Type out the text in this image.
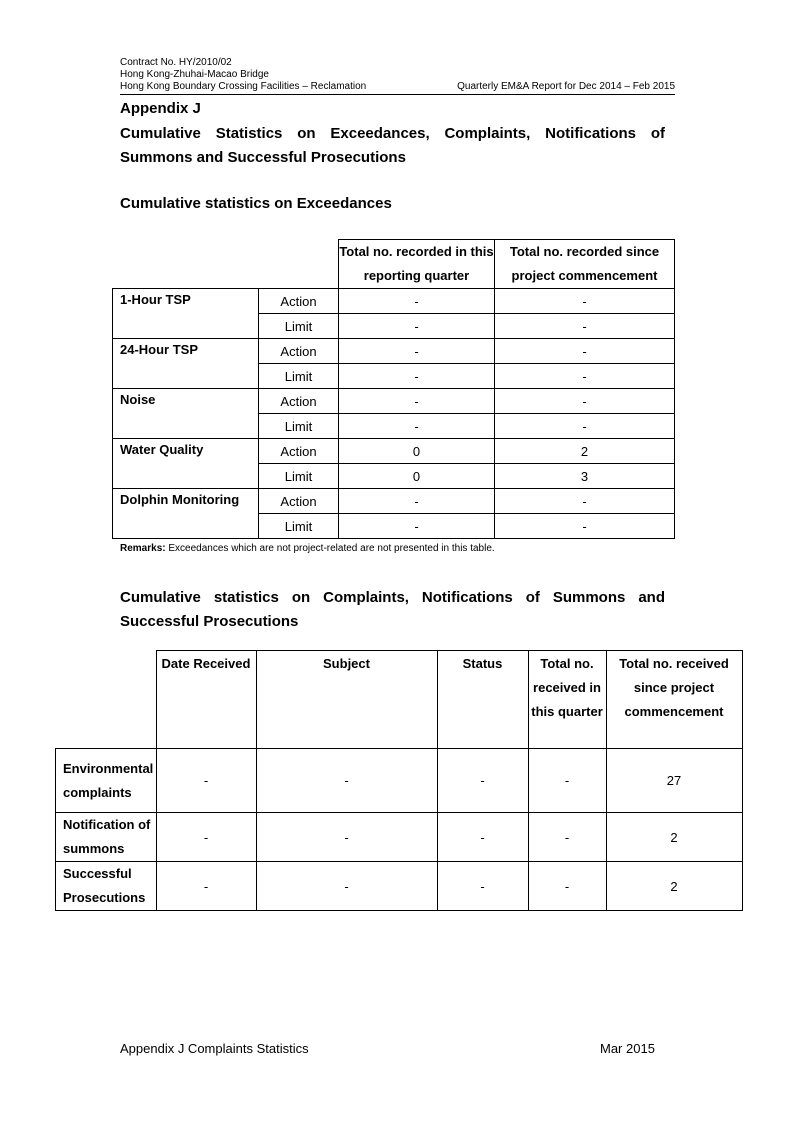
Contract No. HY/2010/02
Hong Kong-Zhuhai-Macao Bridge
Hong Kong Boundary Crossing Facilities – Reclamation	Quarterly EM&A Report for Dec 2014 – Feb 2015
Appendix J
Cumulative Statistics on Exceedances, Complaints, Notifications of Summons and Successful Prosecutions
Cumulative statistics on Exceedances
		Total no. recorded in this reporting quarter	Total no. recorded since project commencement
1-Hour TSP	Action	-	-
	Limit	-	-
24-Hour TSP	Action	-	-
	Limit	-	-
Noise	Action	-	-
	Limit	-	-
Water Quality	Action	0	2
	Limit	0	3
Dolphin Monitoring	Action	-	-
	Limit	-	-
Remarks: Exceedances which are not project-related are not presented in this table.
Cumulative statistics on Complaints, Notifications of Summons and Successful Prosecutions
	Date Received	Subject	Status	Total no. received in this quarter	Total no. received since project commencement
Environmental complaints	-	-	-	-	27
Notification of summons	-	-	-	-	2
Successful Prosecutions	-	-	-	-	2
Appendix J Complaints Statistics	Mar 2015
